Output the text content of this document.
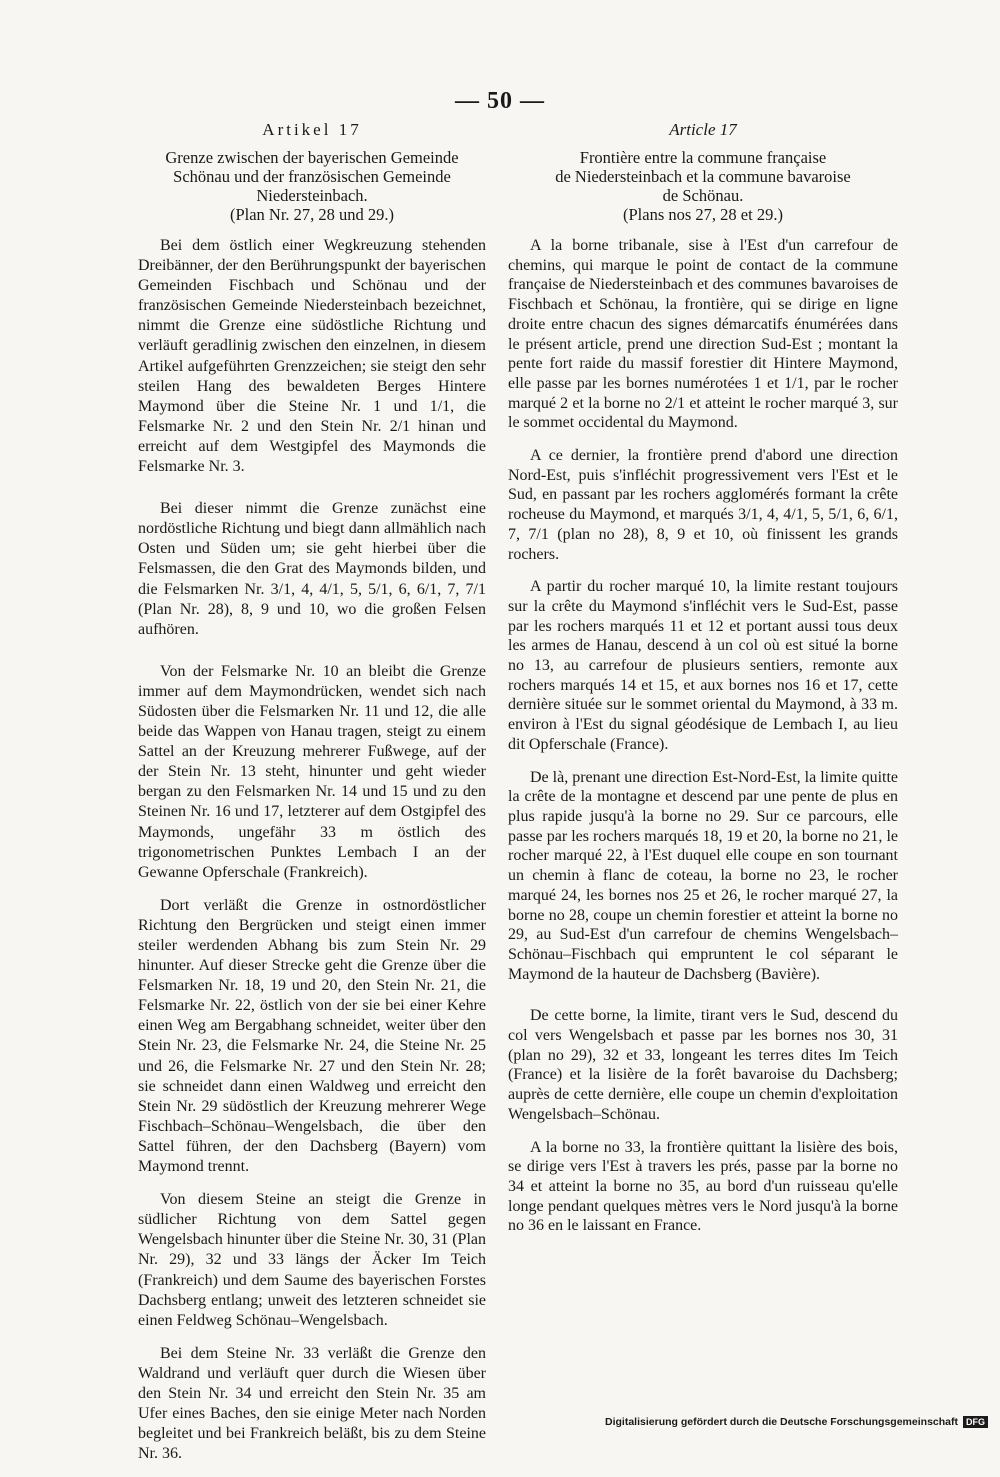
— 50 —
Artikel 17
Grenze zwischen der bayerischen Gemeinde
Schönau und der französischen Gemeinde
Niedersteinbach.
(Plan Nr. 27, 28 und 29.)

Bei dem östlich einer Wegkreuzung stehenden Dreibänner, der den Berührungspunkt der bayerischen Gemeinden Fischbach und Schönau und der französischen Gemeinde Niedersteinbach bezeichnet, nimmt die Grenze eine südöstliche Richtung und verläuft geradlinig zwischen den einzelnen, in diesem Artikel aufgeführten Grenzzeichen; sie steigt den sehr steilen Hang des bewaldeten Berges Hintere Maymond über die Steine Nr. 1 und 1/1, die Felsmarke Nr. 2 und den Stein Nr. 2/1 hinan und erreicht auf dem Westgipfel des Maymonds die Felsmarke Nr. 3.

Bei dieser nimmt die Grenze zunächst eine nordöstliche Richtung und biegt dann allmählich nach Osten und Süden um; sie geht hierbei über die Felsmassen, die den Grat des Maymonds bilden, und die Felsmarken Nr. 3/1, 4, 4/1, 5, 5/1, 6, 6/1, 7, 7/1 (Plan Nr. 28), 8, 9 und 10, wo die großen Felsen aufhören.

Von der Felsmarke Nr. 10 an bleibt die Grenze immer auf dem Maymondrücken, wendet sich nach Südosten über die Felsmarken Nr. 11 und 12, die alle beide das Wappen von Hanau tragen, steigt zu einem Sattel an der Kreuzung mehrerer Fußwege, auf der der Stein Nr. 13 steht, hinunter und geht wieder bergan zu den Felsmarken Nr. 14 und 15 und zu den Steinen Nr. 16 und 17, letzterer auf dem Ostgipfel des Maymonds, ungefähr 33 m östlich des trigonometrischen Punktes Lembach I an der Gewanne Opferschale (Frankreich).

Dort verläßt die Grenze in ostnordöstlicher Richtung den Bergrücken und steigt einen immer steiler werdenden Abhang bis zum Stein Nr. 29 hinunter. Auf dieser Strecke geht die Grenze über die Felsmarken Nr. 18, 19 und 20, den Stein Nr. 21, die Felsmarke Nr. 22, östlich von der sie bei einer Kehre einen Weg am Bergabhang schneidet, weiter über den Stein Nr. 23, die Felsmarke Nr. 24, die Steine Nr. 25 und 26, die Felsmarke Nr. 27 und den Stein Nr. 28; sie schneidet dann einen Waldweg und erreicht den Stein Nr. 29 südöstlich der Kreuzung mehrerer Wege Fischbach–Schönau–Wengelsbach, die über den Sattel führen, der den Dachsberg (Bayern) vom Maymond trennt.

Von diesem Steine an steigt die Grenze in südlicher Richtung von dem Sattel gegen Wengelsbach hinunter über die Steine Nr. 30, 31 (Plan Nr. 29), 32 und 33 längs der Äcker Im Teich (Frankreich) und dem Saume des bayerischen Forstes Dachsberg entlang; unweit des letzteren schneidet sie einen Feldweg Schönau–Wengelsbach.

Bei dem Steine Nr. 33 verläßt die Grenze den Waldrand und verläuft quer durch die Wiesen über den Stein Nr. 34 und erreicht den Stein Nr. 35 am Ufer eines Baches, den sie einige Meter nach Norden begleitet und bei Frankreich beläßt, bis zu dem Steine Nr. 36.

Article 17
Frontière entre la commune française
de Niedersteinbach et la commune bavaroise
de Schönau.
(Plans nos 27, 28 et 29.)

A la borne tribanale, sise à l'Est d'un carrefour de chemins, qui marque le point de contact de la commune française de Niedersteinbach et des communes bavaroises de Fischbach et Schönau, la frontière, qui se dirige en ligne droite entre chacun des signes démarcatifs énumérées dans le présent article, prend une direction Sud-Est ; montant la pente fort raide du massif forestier dit Hintere Maymond, elle passe par les bornes numérotées 1 et 1/1, par le rocher marqué 2 et la borne no 2/1 et atteint le rocher marqué 3, sur le sommet occidental du Maymond.

A ce dernier, la frontière prend d'abord une direction Nord-Est, puis s'infléchit progressivement vers l'Est et le Sud, en passant par les rochers agglomérés formant la crête rocheuse du Maymond, et marqués 3/1, 4, 4/1, 5, 5/1, 6, 6/1, 7, 7/1 (plan no 28), 8, 9 et 10, où finissent les grands rochers.

A partir du rocher marqué 10, la limite restant toujours sur la crête du Maymond s'infléchit vers le Sud-Est, passe par les rochers marqués 11 et 12 et portant aussi tous deux les armes de Hanau, descend à un col où est situé la borne no 13, au carrefour de plusieurs sentiers, remonte aux rochers marqués 14 et 15, et aux bornes nos 16 et 17, cette dernière située sur le sommet oriental du Maymond, à 33 m. environ à l'Est du signal géodésique de Lembach I, au lieu dit Opferschale (France).

De là, prenant une direction Est-Nord-Est, la limite quitte la crête de la montagne et descend par une pente de plus en plus rapide jusqu'à la borne no 29. Sur ce parcours, elle passe par les rochers marqués 18, 19 et 20, la borne no 21, le rocher marqué 22, à l'Est duquel elle coupe en son tournant un chemin à flanc de coteau, la borne no 23, le rocher marqué 24, les bornes nos 25 et 26, le rocher marqué 27, la borne no 28, coupe un chemin forestier et atteint la borne no 29, au Sud-Est d'un carrefour de chemins Wengelsbach–Schönau–Fischbach qui empruntent le col séparant le Maymond de la hauteur de Dachsberg (Bavière).

De cette borne, la limite, tirant vers le Sud, descend du col vers Wengelsbach et passe par les bornes nos 30, 31 (plan no 29), 32 et 33, longeant les terres dites Im Teich (France) et la lisière de la forêt bavaroise du Dachsberg; auprès de cette dernière, elle coupe un chemin d'exploitation Wengelsbach–Schönau.

A la borne no 33, la frontière quittant la lisière des bois, se dirige vers l'Est à travers les prés, passe par la borne no 34 et atteint la borne no 35, au bord d'un ruisseau qu'elle longe pendant quelques mètres vers le Nord jusqu'à la borne no 36 en le laissant en France.

Digitalisierung gefördert durch die Deutsche Forschungsgemeinschaft DFG
